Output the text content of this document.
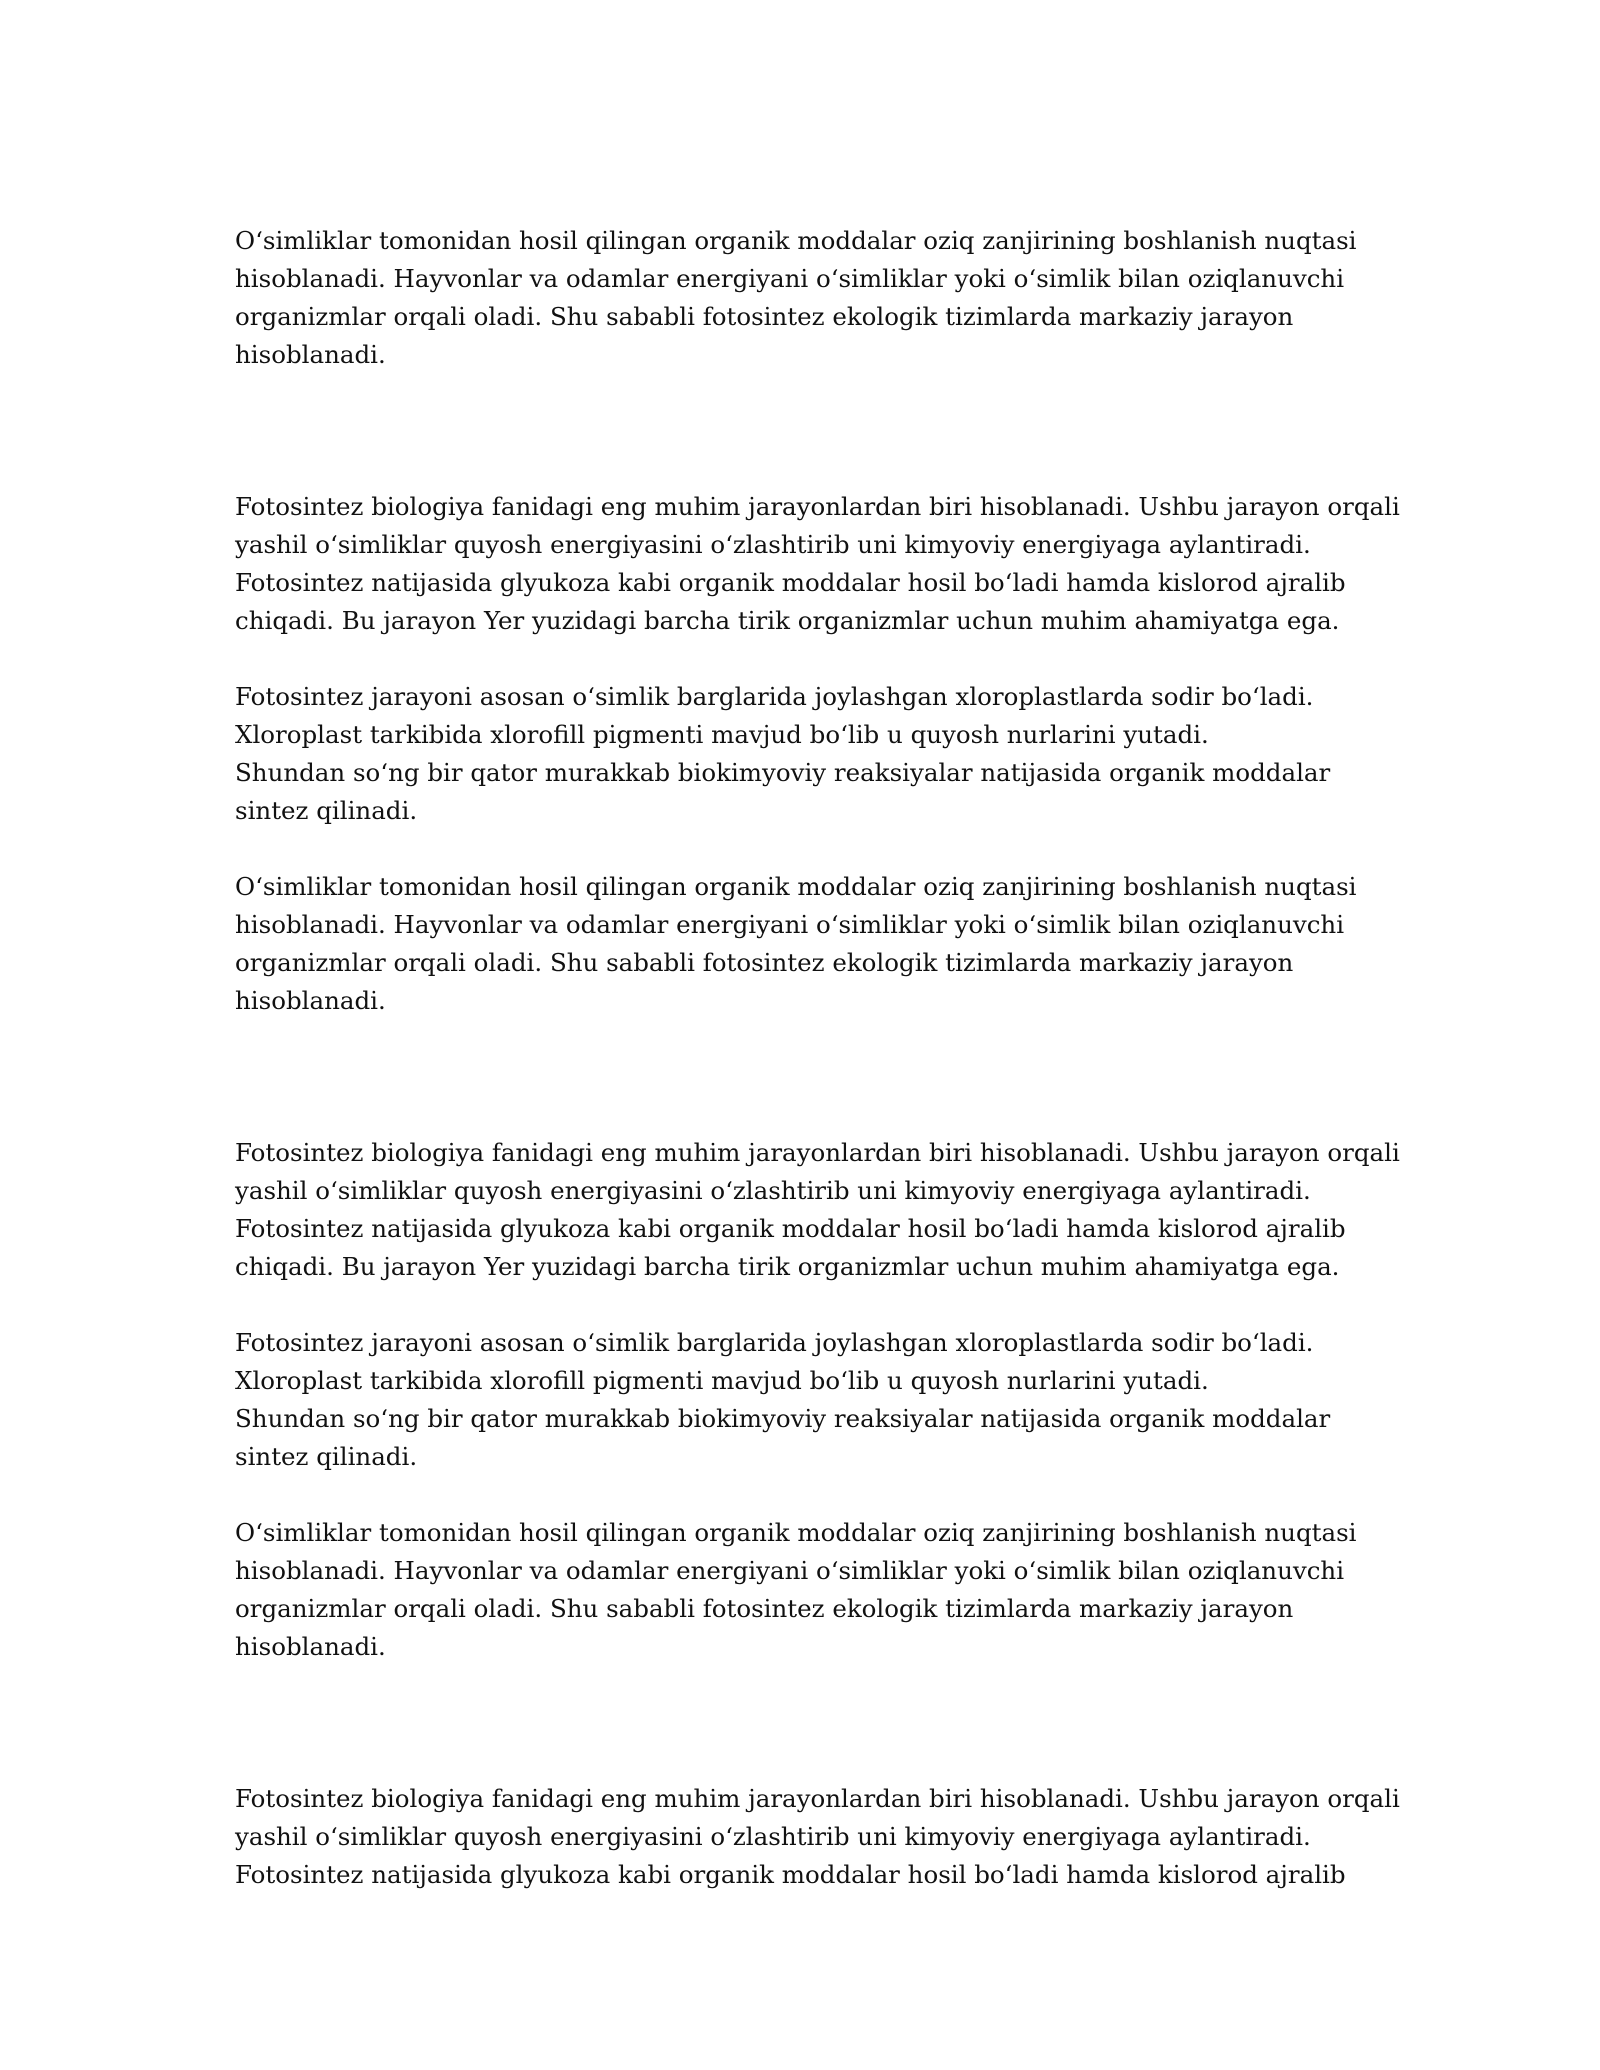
O‘simliklar tomonidan hosil qilingan organik moddalar oziq zanjirining boshlanish nuqtasi
hisoblanadi. Hayvonlar va odamlar energiyani o‘simliklar yoki o‘simlik bilan oziqlanuvchi
organizmlar orqali oladi. Shu sababli fotosintez ekologik tizimlarda markaziy jarayon
hisoblanadi.
Fotosintez biologiya fanidagi eng muhim jarayonlardan biri hisoblanadi. Ushbu jarayon orqali
yashil o‘simliklar quyosh energiyasini o‘zlashtirib uni kimyoviy energiyaga aylantiradi.
Fotosintez natijasida glyukoza kabi organik moddalar hosil bo‘ladi hamda kislorod ajralib
chiqadi. Bu jarayon Yer yuzidagi barcha tirik organizmlar uchun muhim ahamiyatga ega.
Fotosintez jarayoni asosan o‘simlik barglarida joylashgan xloroplastlarda sodir bo‘ladi.
Xloroplast tarkibida xlorofill pigmenti mavjud bo‘lib u quyosh nurlarini yutadi.
Shundan so‘ng bir qator murakkab biokimyoviy reaksiyalar natijasida organik moddalar
sintez qilinadi.
O‘simliklar tomonidan hosil qilingan organik moddalar oziq zanjirining boshlanish nuqtasi
hisoblanadi. Hayvonlar va odamlar energiyani o‘simliklar yoki o‘simlik bilan oziqlanuvchi
organizmlar orqali oladi. Shu sababli fotosintez ekologik tizimlarda markaziy jarayon
hisoblanadi.
Fotosintez biologiya fanidagi eng muhim jarayonlardan biri hisoblanadi. Ushbu jarayon orqali
yashil o‘simliklar quyosh energiyasini o‘zlashtirib uni kimyoviy energiyaga aylantiradi.
Fotosintez natijasida glyukoza kabi organik moddalar hosil bo‘ladi hamda kislorod ajralib
chiqadi. Bu jarayon Yer yuzidagi barcha tirik organizmlar uchun muhim ahamiyatga ega.
Fotosintez jarayoni asosan o‘simlik barglarida joylashgan xloroplastlarda sodir bo‘ladi.
Xloroplast tarkibida xlorofill pigmenti mavjud bo‘lib u quyosh nurlarini yutadi.
Shundan so‘ng bir qator murakkab biokimyoviy reaksiyalar natijasida organik moddalar
sintez qilinadi.
O‘simliklar tomonidan hosil qilingan organik moddalar oziq zanjirining boshlanish nuqtasi
hisoblanadi. Hayvonlar va odamlar energiyani o‘simliklar yoki o‘simlik bilan oziqlanuvchi
organizmlar orqali oladi. Shu sababli fotosintez ekologik tizimlarda markaziy jarayon
hisoblanadi.
Fotosintez biologiya fanidagi eng muhim jarayonlardan biri hisoblanadi. Ushbu jarayon orqali
yashil o‘simliklar quyosh energiyasini o‘zlashtirib uni kimyoviy energiyaga aylantiradi.
Fotosintez natijasida glyukoza kabi organik moddalar hosil bo‘ladi hamda kislorod ajralib
